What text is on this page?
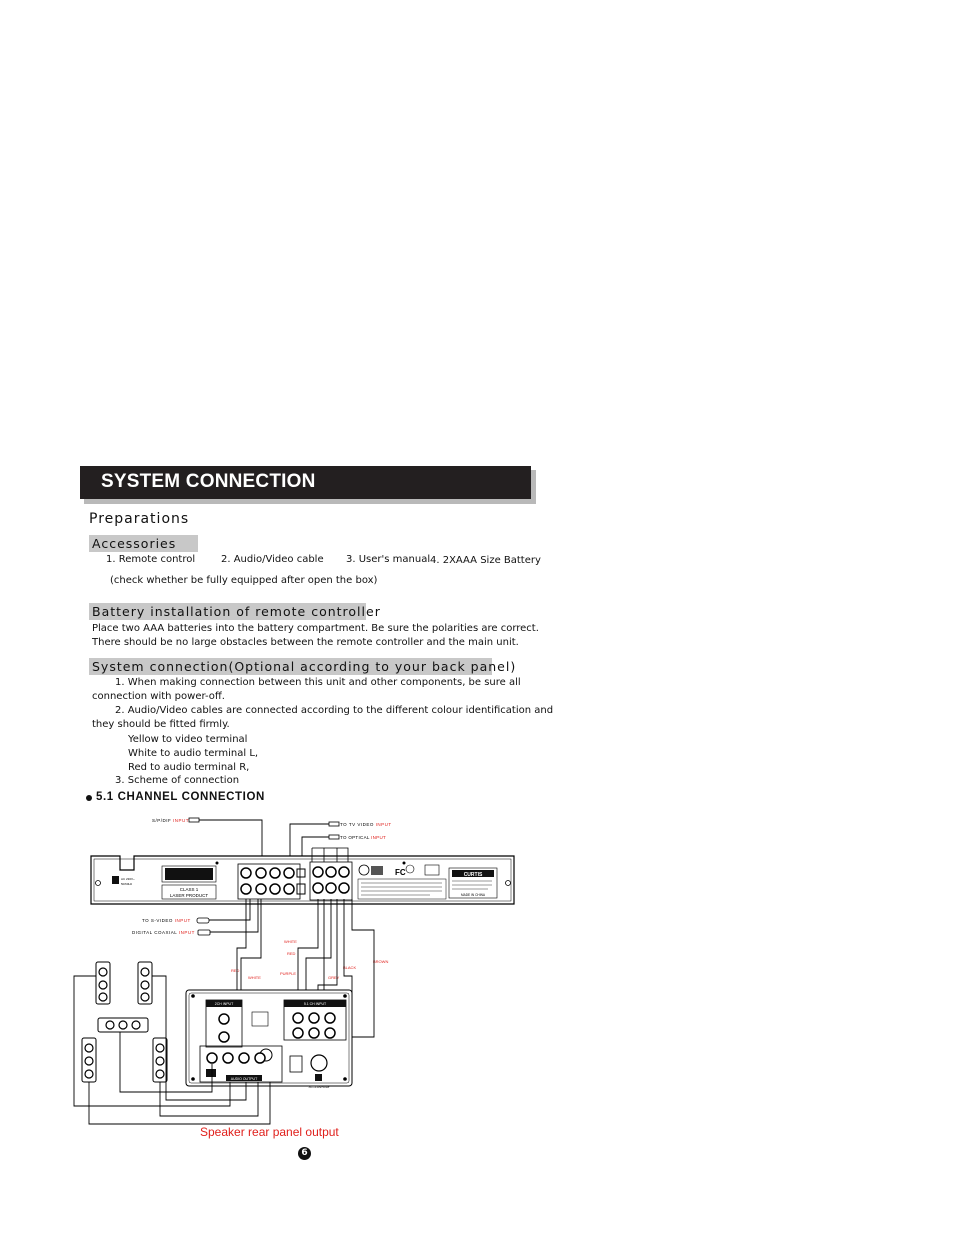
SYSTEM CONNECTION
Preparations
Accessories
1. Remote control	2. Audio/Video cable 3. User's manual 4. 2XAAA Size Battery
(check whether be fully equipped after open the box)
Battery installation of remote controller
Place two AAA batteries into the battery compartment. Be sure the polarities are correct.
There should be no large obstacles between the remote controller and the main unit.
System connection(Optional according to your back panel)
1. When making connection between this unit and other components, be sure all
connection with power-off.
2. Audio/Video cables are connected according to the different colour identification and
they should be fitted firmly.
Yellow to video terminal
White to audio terminal L,
Red to audio terminal R,
3. Scheme of connection
5.1 CHANNEL CONNECTION
S/P/DIF INPUT
TO TV VIDEO INPUT
TO OPTICAL INPUT
AC 230V~
50/60Hz
CLASS 1
LASER PRODUCT
FC	CURTIS
MADE IN CHINA
TO S-VIDEO INPUT
DIGITAL COAXIAL INPUT
WHITE
RED
RED
WHITE
PURPLE
BLACK
BROWN
GREY
2CH INPUT	5.1 CH INPUT
AC~230V/50Hz
AUDIO OUTPUT
Speaker rear panel output
6
